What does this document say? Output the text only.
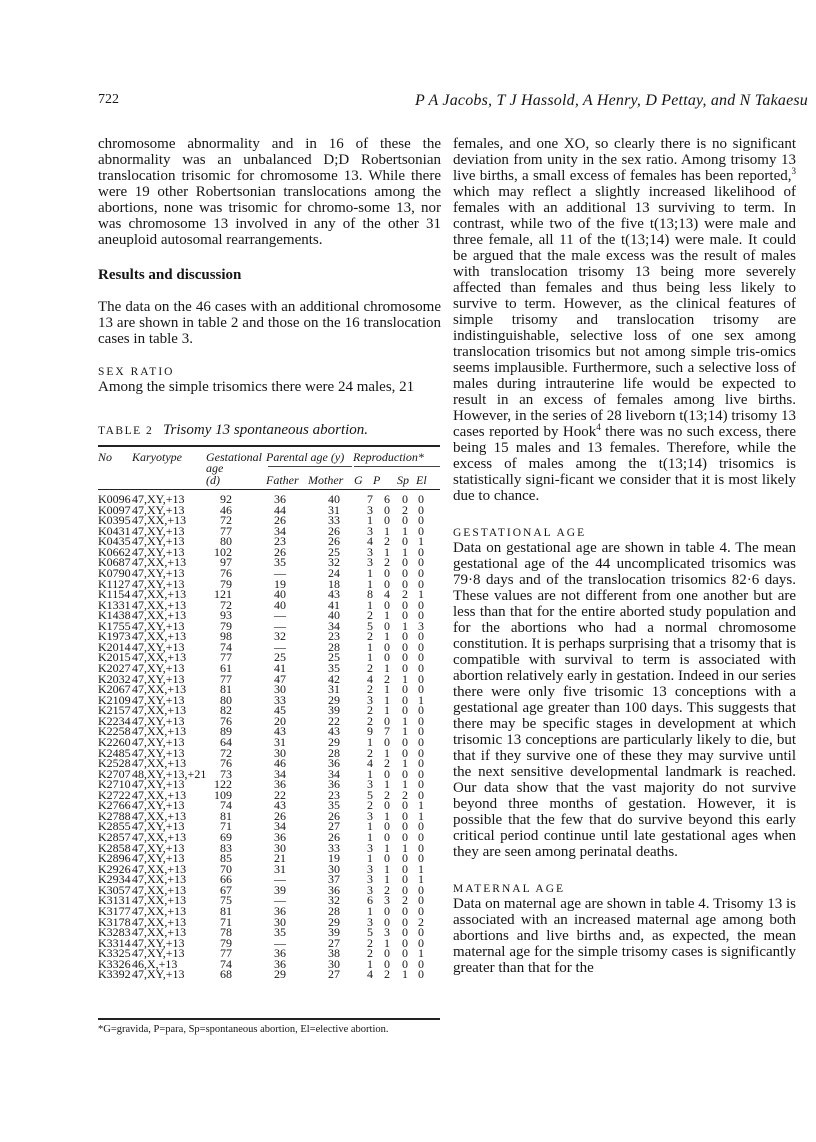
722	P A Jacobs, T J Hassold, A Henry, D Pettay, and N Takaesu

chromosome abnormality and in 16 of these the abnormality was an unbalanced D;D Robertsonian translocation trisomic for chromosome 13. While there were 19 other Robertsonian translocations among the abortions, none was trisomic for chromo-some 13, nor was chromosome 13 involved in any of the other 31 aneuploid autosomal rearrangements.

Results and discussion

The data on the 46 cases with an additional chromosome 13 are shown in table 2 and those on the 16 translocation cases in table 3.

SEX RATIO

Among the simple trisomics there were 24 males, 21

TABLE 2 Trisomy 13 spontaneous abortion.
No Karyotype Gestational
age
(d)
Parental age (y)
Father Mother
Reproduction*
G P Sp El
K0096	47,XY,+13	92	36	40	7	6	0	0
K0097	47,XY,+13	46	44	31	3	0	2	0
K0395	47,XX,+13	72	26	33	1	0	0	0
K0431	47,XY,+13	77	34	26	3	1	1	0
K0435	47,XY,+13	80	23	26	4	2	0	1
K0662	47,XY,+13	102	26	25	3	1	1	0
K0687	47,XX,+13	97	35	32	3	2	0	0
K0790	47,XY,+13	76	—	24	1	0	0	0
K1127	47,XY,+13	79	19	18	1	0	0	0
K1154	47,XX,+13	121	40	43	8	4	2	1
K1331	47,XX,+13	72	40	41	1	0	0	0
K1438	47,XX,+13	93	—	40	2	1	0	0
K1755	47,XY,+13	79	—	34	5	0	1	3
K1973	47,XX,+13	98	32	23	2	1	0	0
K2014	47,XY,+13	74	—	28	1	0	0	0
K2015	47,XX,+13	77	25	25	1	0	0	0
K2027	47,XY,+13	61	41	35	2	1	0	0
K2032	47,XY,+13	77	47	42	4	2	1	0
K2067	47,XX,+13	81	30	31	2	1	0	0
K2109	47,XY,+13	80	33	29	3	1	0	1
K2157	47,XX,+13	82	45	39	2	1	0	0
K2234	47,XY,+13	76	20	22	2	0	1	0
K2258	47,XX,+13	89	43	43	9	7	1	0
K2260	47,XY,+13	64	31	29	1	0	0	0
K2485	47,XY,+13	72	30	28	2	1	0	0
K2528	47,XX,+13	76	46	36	4	2	1	0
K2707	48,XY,+13,+21	73	34	34	1	0	0	0
K2710	47,XY,+13	122	36	36	3	1	1	0
K2722	47,XX,+13	109	22	23	5	2	2	0
K2766	47,XY,+13	74	43	35	2	0	0	1
K2788	47,XX,+13	81	26	26	3	1	0	1
K2855	47,XY,+13	71	34	27	1	0	0	0
K2857	47,XX,+13	69	36	26	1	0	0	0
K2858	47,XY,+13	83	30	33	3	1	1	0
K2896	47,XY,+13	85	21	19	1	0	0	0
K2926	47,XX,+13	70	31	30	3	1	0	1
K2934	47,XX,+13	66	—	37	3	1	0	1
K3057	47,XX,+13	67	39	36	3	2	0	0
K3131	47,XX,+13	75	—	32	6	3	2	0
K3177	47,XX,+13	81	36	28	1	0	0	0
K3178	47,XX,+13	71	30	29	3	0	0	2
K3283	47,XX,+13	78	35	39	5	3	0	0
K3314	47,XY,+13	79	—	27	2	1	0	0
K3325	47,XY,+13	77	36	38	2	0	0	1
K3326	46,X,+13	74	36	30	1	0	0	0
K3392	47,XY,+13	68	29	27	4	2	1	0
*G=gravida, P=para, Sp=spontaneous abortion, El=elective abortion.

females, and one XO, so clearly there is no significant deviation from unity in the sex ratio. Among trisomy 13 live births, a small excess of females has been reported,$^3$ which may reflect a slightly increased likelihood of females with an additional 13 surviving to term. In contrast, while two of the five t(13;13) were male and three female, all 11 of the t(13;14) were male. It could be argued that the male excess was the result of males with translocation trisomy 13 being more severely affected than females and thus being less likely to survive to term. However, as the clinical features of simple trisomy and translocation trisomy are indistinguishable, selective loss of one sex among translocation trisomics but not among simple tris-omics seems implausible. Furthermore, such a selective loss of males during intrauterine life would be expected to result in an excess of females among live births. However, in the series of 28 liveborn t(13;14) trisomy 13 cases reported by Hook$^4$ there was no such excess, there being 15 males and 13 females. Therefore, while the excess of males among the t(13;14) trisomics is statistically signi-ficant we consider that it is most likely due to chance.

GESTATIONAL AGE

Data on gestational age are shown in table 4. The mean gestational age of the 44 uncomplicated trisomics was 79·8 days and of the translocation trisomics 82·6 days. These values are not different from one another but are less than that for the entire aborted study population and for the abortions who had a normal chromosome constitution. It is perhaps surprising that a trisomy that is compatible with survival to term is associated with abortion relatively early in gestation. Indeed in our series there were only five trisomic 13 conceptions with a gestational age greater than 100 days. This suggests that there may be specific stages in development at which trisomic 13 conceptions are particularly likely to die, but that if they survive one of these they may survive until the next sensitive developmental landmark is reached. Our data show that the vast majority do not survive beyond three months of gestation. However, it is possible that the few that do survive beyond this early critical period continue until late gestational ages when they are seen among perinatal deaths.

MATERNAL AGE

Data on maternal age are shown in table 4. Trisomy 13 is associated with an increased maternal age among both abortions and live births and, as expected, the mean maternal age for the simple trisomy cases is significantly greater than that for the
